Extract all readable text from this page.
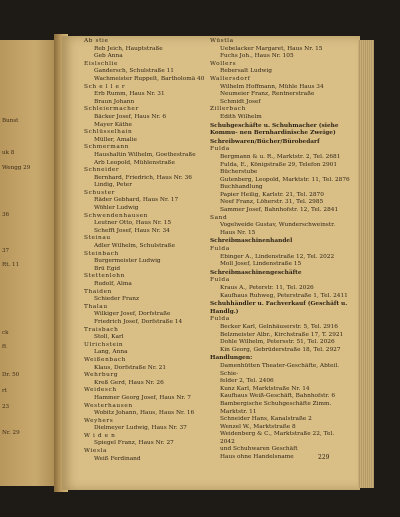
Bunst
uk 8
Wengg 29
36
37
Rt. 11
ck
ft
Dr. 50
rt
23
Nr. 29
Ab stie
Reb Jeich, Hauptstraße
Geb Anna
Eislschlie
Gandersch, Schulstraße 11
Wachmeister Ruppelt, Bartholomä 40
Sch e l l e r
Erb Rumm, Haus Nr. 31
Braun Johann
Schleiermacher
Bäcker Josef, Haus Nr. 6
Mayer Käthe
Schlüsselhain
Müller, Amalie
Schmermann
Haushaltin Wilhelm, Goethestraße
Arb Leopold, Mühlenstraße
Schneider
Bernhard, Friedrich, Haus Nr. 36
Lindig, Peter
Schuster
Räder Gebhard, Haus Nr. 17
Wöhler Ludwig
Schwendenhausen
Leutner Otto, Haus Nr. 15
Schefft Josef, Haus Nr. 34
Steinau
Adler Wilhelm, Schulstraße
Steinbach
Burgermeister Ludwig
Brü Egid
Stettenlohn
Rudolf, Alma
Thaiden
Schieder Franz
Thalau
Wilkiger Josef, Dorfstraße
Friedrich Josef, Dorfstraße 14
Traisbach
Stoll, Karl
Ulrichstein
Lang, Anna
Weißenbach
Klaus, Dorfstraße Nr. 21
Wehrburg
Kreß Gerd, Haus Nr. 26
Weidesch
Hammer Georg Josef, Haus Nr. 7
Westerhausen
Wobitz Johann, Haus, Haus Nr. 16
Weyhers
Dielmeyer Ludwig, Haus Nr. 37
W i d e n
Spiegel Franz, Haus Nr. 27
Wiesla
Weiß Ferdinand
Wüstla
Uebelacker Margaret, Haus Nr. 15
Fuchs Joh., Haus Nr. 105
Wollers
Rebersalt Ludwig
Wallersdorf
Wilhelm Hoffmann, Mühle Haus 34
Neumeier Franz, Rentnerstraße
Schmidt Josef
Zillerbach
Edith Wilhelm
Schuhgeschäfte u. Schuhmacher (siehe Kommu- nen Bernhardinische Zweige)
Schreibwaren/Bücher/Bürobedarf
Fulda
Bergmann & u. R., Marktstr. 2, Tel. 2681
Fulda, E., Königstraße 29, Telefon 2901
Bücherstube
Gutenberg, Leopold, Marktstr. 11, Tel. 2876
Buchhandlung
Papier Heilig, Karlstr. 21, Tel. 2870
Neef Franz, Löherstr. 31, Tel. 2985
Sammer Josef, Bahnhofstr. 12, Tel. 2841
Sand
Vogelweide Gustav, Wunderschweinstr.
Haus Nr. 15
Schreibmaschinenhandel
Fulda
Ebinger A., Lindenstraße 12, Tel. 2022
Moll Josef, Lindenstraße 15
Schreibmaschinengeschäfte
Fulda
Kraus A., Peterstr. 11, Tel. 2026
Kaufhaus Ruhweg, Peterstraße 1, Tel. 2411
Schuhhändler u. Fachverkauf (Geschäft u. Handlg.)
Fulda
Becker Karl, Gelnhäuserstr. 5, Tel. 2916
Belzmeister Albr., Kirchstraße 17, T. 2921
Dohle Wilhelm, Petersstr. 51, Tel. 2026
Kin Georg, Gebrüderstraße 18, Tel. 2927
Handlungen:
Damenhütten Theater-Geschäfte, Abteil. Schie-
felder 2, Tel. 2406
Kunz Karl, Marktstraße Nr. 14
Kaufhaus Weiß-Geschäft, Bahnhofstr. 6
Bambergische Schuhgeschäfte Zimm. Marktstr. 11
Schneider Hans, Kanalstraße 2
Wenzel W., Marktstraße 8
Weidenberg & C., Marktstraße 22, Tel. 2042
und Schuhwaren Geschäft
Haus ohne Handelsname	229
